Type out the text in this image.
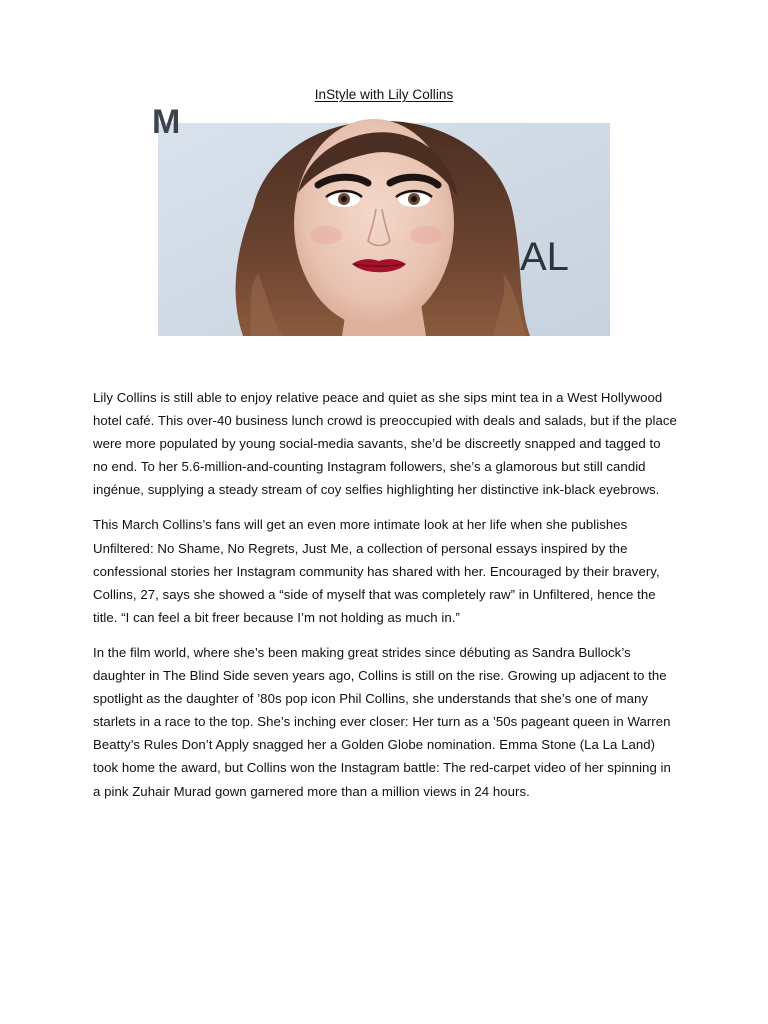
InStyle with Lily Collins
M
AL

Lily Collins is still able to enjoy relative peace and quiet as she sips mint tea in a West Hollywood hotel café. This over-40 business lunch crowd is preoccupied with deals and salads, but if the place were more populated by young social-media savants, she’d be discreetly snapped and tagged to no end. To her 5.6-million-and-counting Instagram followers, she’s a glamorous but still candid ingénue, supplying a steady stream of coy selfies highlighting her distinctive ink-black eyebrows.

This March Collins’s fans will get an even more intimate look at her life when she publishes Unfiltered: No Shame, No Regrets, Just Me, a collection of personal essays inspired by the confessional stories her Instagram community has shared with her. Encouraged by their bravery, Collins, 27, says she showed a “side of myself that was completely raw” in Unfiltered, hence the title. “I can feel a bit freer because I’m not holding as much in.”

In the film world, where she’s been making great strides since débuting as Sandra Bullock’s daughter in The Blind Side seven years ago, Collins is still on the rise. Growing up adjacent to the spotlight as the daughter of ’80s pop icon Phil Collins, she understands that she’s one of many starlets in a race to the top. She’s inching ever closer: Her turn as a ’50s pageant queen in Warren Beatty’s Rules Don’t Apply snagged her a Golden Globe nomination. Emma Stone (La La Land) took home the award, but Collins won the Instagram battle: The red-carpet video of her spinning in a pink Zuhair Murad gown garnered more than a million views in 24 hours.
